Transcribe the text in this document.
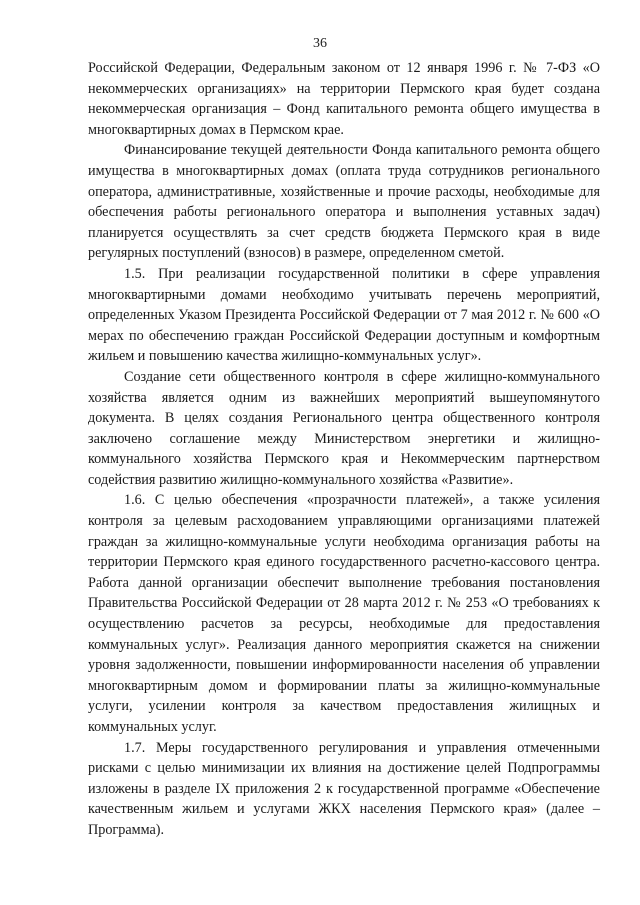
36

Российской Федерации, Федеральным законом от 12 января 1996 г. № 7-ФЗ «О некоммерческих организациях» на территории Пермского края будет создана некоммерческая организация – Фонд капитального ремонта общего имущества в многоквартирных домах в Пермском крае.

Финансирование текущей деятельности Фонда капитального ремонта общего имущества в многоквартирных домах (оплата труда сотрудников регионального оператора, административные, хозяйственные и прочие расходы, необходимые для обеспечения работы регионального оператора и выполнения уставных задач) планируется осуществлять за счет средств бюджета Пермского края в виде регулярных поступлений (взносов) в размере, определенном сметой.

1.5. При реализации государственной политики в сфере управления многоквартирными домами необходимо учитывать перечень мероприятий, определенных Указом Президента Российской Федерации от 7 мая 2012 г. № 600 «О мерах по обеспечению граждан Российской Федерации доступным и комфортным жильем и повышению качества жилищно-коммунальных услуг».

Создание сети общественного контроля в сфере жилищно-коммунального хозяйства является одним из важнейших мероприятий вышеупомянутого документа. В целях создания Регионального центра общественного контроля заключено соглашение между Министерством энергетики и жилищно-коммунального хозяйства Пермского края и Некоммерческим партнерством содействия развитию жилищно-коммунального хозяйства «Развитие».

1.6. С целью обеспечения «прозрачности платежей», а также усиления контроля за целевым расходованием управляющими организациями платежей граждан за жилищно-коммунальные услуги необходима организация работы на территории Пермского края единого государственного расчетно-кассового центра. Работа данной организации обеспечит выполнение требования постановления Правительства Российской Федерации от 28 марта 2012 г. № 253 «О требованиях к осуществлению расчетов за ресурсы, необходимые для предоставления коммунальных услуг». Реализация данного мероприятия скажется на снижении уровня задолженности, повышении информированности населения об управлении многоквартирным домом и формировании платы за жилищно-коммунальные услуги, усилении контроля за качеством предоставления жилищных и коммунальных услуг.

1.7. Меры государственного регулирования и управления отмеченными рисками с целью минимизации их влияния на достижение целей Подпрограммы изложены в разделе IX приложения 2 к государственной программе «Обеспечение качественным жильем и услугами ЖКХ населения Пермского края» (далее – Программа).
